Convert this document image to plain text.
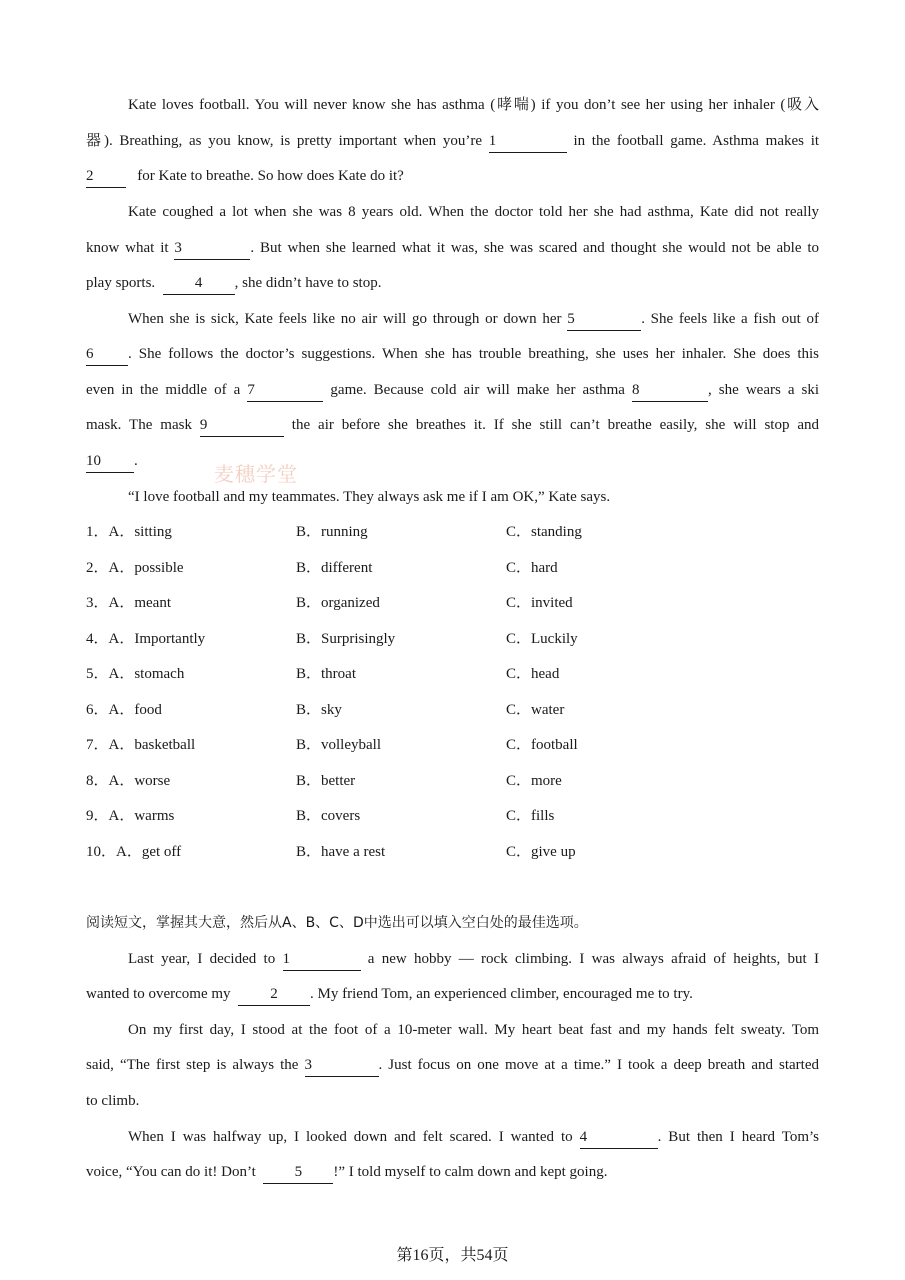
Kate loves football. You will never know she has asthma (哮喘) if you don’t see her using her inhaler (吸入
器). Breathing, as you know, is pretty important when you’re 1	in the football game. Asthma makes it
2	for Kate to breathe. So how does Kate do it?
Kate coughed a lot when she was 8 years old. When the doctor told her she had asthma, Kate did not really
know what it 3	. But when she learned what it was, she was scared and thought she would not be able to
play sports.	4 , she didn’t have to stop.
When she is sick, Kate feels like no air will go through or down her 5	. She feels like a fish out of
6 . She follows the doctor’s suggestions. When she has trouble breathing, she uses her inhaler. She does this
even in the middle of a 7	game. Because cold air will make her asthma 8	, she wears a ski
mask. The mask 9	the air before she breathes it. If she still can’t breathe easily, she will stop and
10 .
麦穗学堂
“I love football and my teammates. They always ask me if I am OK,” Kate says.
1．A．sitting	B．running	C．standing
2．A．possible	B．different	C．hard
3．A．meant	B．organized	C．invited
4．A．Importantly	B．Surprisingly	C．Luckily
5．A．stomach	B．throat	C．head
6．A．food	B．sky	C．water
7．A．basketball	B．volleyball	C．football
8．A．worse	B．better	C．more
9．A．warms	B．covers	C．fills
10．A．get off	B．have a rest	C．give up
阅读短文，掌握其大意，然后从A、B、C、D中选出可以填入空白处的最佳选项。
Last year, I decided to 1	a new hobby — rock climbing. I was always afraid of heights, but I
wanted to overcome my	2 . My friend Tom, an experienced climber, encouraged me to try.
On my first day, I stood at the foot of a 10-meter wall. My heart beat fast and my hands felt sweaty. Tom
said, “The first step is always the 3	. Just focus on one move at a time.” I took a deep breath and started
to climb.
When I was halfway up, I looked down and felt scared. I wanted to 4	. But then I heard Tom’s
voice, “You can do it! Don’t	5 !” I told myself to calm down and kept going.
第16页，共54页
